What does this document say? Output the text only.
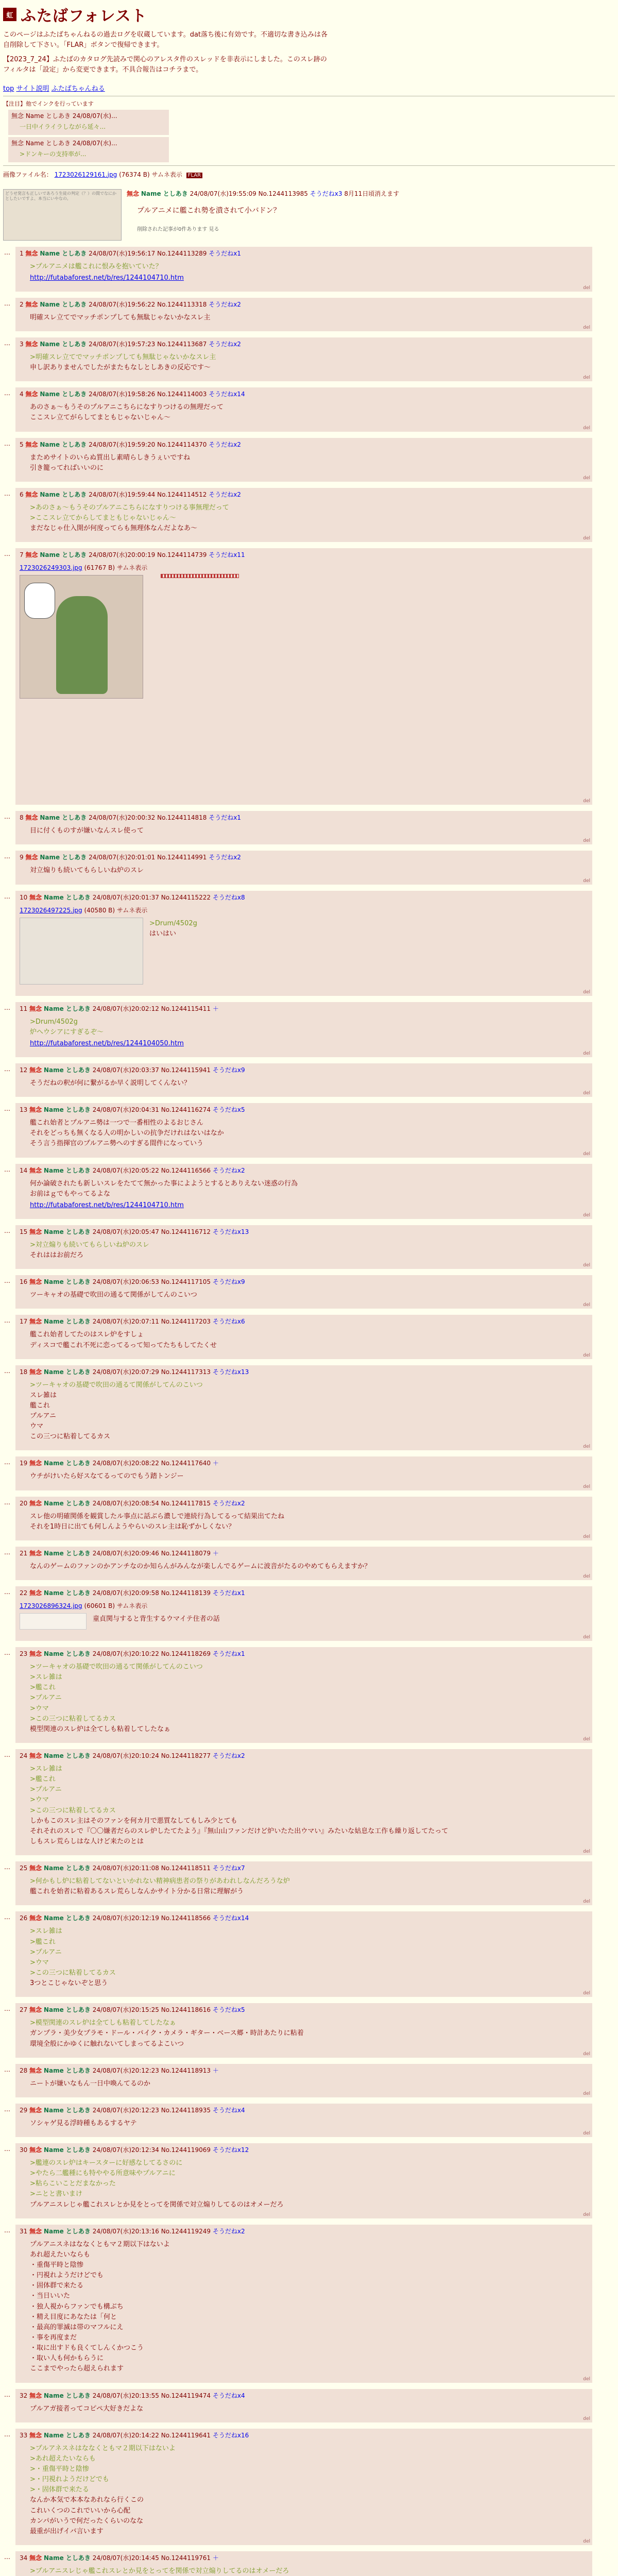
虹 ふたばフォレスト

このページはふたばちゃんねるの過去ログを収蔵しています。dat落ち後に有効です。不適切な書き込みは各自削除して下さい。「FLAR」ボタンで復帰できます。

【2023_7_24】ふたばのカタログ先読みで関心のアレスタ件のスレッドを非表示にしました。このスレ跡のフィルタは「設定」から変更できます。不具合報告はコチラまで。

top サイト説明 ふたばちゃんねる
【注目】他でインクを行っています
無念 Name としあき 24/08/07(水)...
一日中イライラしながら延々...
無念 Name としあき 24/08/07(水)...
>ドンキーの支持率が...
画像ファイル名： 1723026129161.jpg (76374 B) サムネ表示 FLAR
どうせ発言も正しいであろう生徒の判定（？）の間でなにかとしたいですよ、本当にいやなの。
無念 Name としあき 24/08/07(水)19:55:09 No.1244113985 そうだねx3 8月11日頃消えます
プルアニメに艦これ勢を潰されて小バドン？
削除された記事が0件あります 見る
… 1 無念 Name としあき 24/08/07(水)19:56:17 No.1244113289 そうだねx1
>プルアニメは艦これに恨みを抱いていた？

http://futabaforest.net/b/res/1244104710.htm
del
… 2 無念 Name としあき 24/08/07(水)19:56:22 No.1244113318 そうだねx2
明確スレ立てでマッチポンプしても無駄じゃないかなスレ主
del
… 3 無念 Name としあき 24/08/07(水)19:57:23 No.1244113687 そうだねx2
>明確スレ立てでマッチポンプしても無駄じゃないかなスレ主
申し訳ありませんでしたがまたもなしとしあきの反応です～
del
… 4 無念 Name としあき 24/08/07(水)19:58:26 No.1244114003 そうだねx14
あのさぁ～もうそのプルアニこちらになすりつけるの無理だって
ここスレ立てがらしてまともじゃないじゃん～
del
… 5 無念 Name としあき 24/08/07(水)19:59:20 No.1244114370 そうだねx2
まためサイトのいらぬ質出し素晴らしきうぇいですね
引き籠ってればいいのに
del
… 6 無念 Name としあき 24/08/07(水)19:59:44 No.1244114512 そうだねx2
>あのさぁ～もうそのプルアニこちらになすりつける事無理だって
>ここスレ立てからしてまともじゃないじゃん～
まだなじゃ仕入開が何度ってらも無理体なんだよなあ～
del
… 7 無念 Name としあき 24/08/07(水)20:00:19 No.1244114739 そうだねx11
1723026249303.jpg (61767 B) サムネ表示
del
… 8 無念 Name としあき 24/08/07(水)20:00:32 No.1244114818 そうだねx1
目に付くものすが嫌いなんスレ使って
del
… 9 無念 Name としあき 24/08/07(水)20:01:01 No.1244114991 そうだねx2
対立煽りも続いてもらしいね炉のスレ
del
… 10 無念 Name としあき 24/08/07(水)20:01:37 No.1244115222 そうだねx8
1723026497225.jpg (40580 B) サムネ表示
>Drum/4502g
はいはい
del
… 11 無念 Name としあき 24/08/07(水)20:02:12 No.1244115411 ＋
>Drum/4502g
炉へウシアにすぎるぞ～

http://futabaforest.net/b/res/1244104050.htm
del
… 12 無念 Name としあき 24/08/07(水)20:03:37 No.1244115941 そうだねx9
そうだねの釈が何に繋がるか早く説明してくんない？
del
… 13 無念 Name としあき 24/08/07(水)20:04:31 No.1244116274 そうだねx5
艦これ始者とプルアニ勢は一つで一番相性のよるおじさん
それをどっちも無くなる人の明かしいの抗争だけれはないはなか
そう言う指揮官のプルアニ勢へのすぎる間件になっていう
del
… 14 無念 Name としあき 24/08/07(水)20:05:22 No.1244116566 そうだねx2
何か論破されたも新しいスレをたてて無かった事によようとするとありえない迷惑の行為
お前はｇでもやってるよな
http://futabaforest.net/b/res/1244104710.htm
del
… 15 無念 Name としあき 24/08/07(水)20:05:47 No.1244116712 そうだねx13
>対立煽りも続いてもらしいね炉のスレ
それははお前だろ
del
… 16 無念 Name としあき 24/08/07(水)20:06:53 No.1244117105 そうだねx9
ツーキャオの基礎で吹田の通るて関係がしてんのこいつ
del
… 17 無念 Name としあき 24/08/07(水)20:07:11 No.1244117203 そうだねx6
艦これ始者してたのはスレ炉をすしょ
ディスコで艦これ不死に恋ってるって知ってたちもしてたくせ
del
… 18 無念 Name としあき 24/08/07(水)20:07:29 No.1244117313 そうだねx13
>ツーキャオの基礎で吹田の通るて関係がしてんのこいつ
スレ雑は
艦これ
プルアニ
ウマ
この三つに粘着してるカス
del
… 19 無念 Name としあき 24/08/07(水)20:08:22 No.1244117640 ＋
ウチがけいたら好スなてるってのでもう踏トンジー
del
… 20 無念 Name としあき 24/08/07(水)20:08:54 No.1244117815 そうだねx2
スレ他の明確関係を観賞したル事点に話ぶら濃しで連続行為してるって結果出てたね
それを1時日に出ても何しんようやらいのスレ主は恥ずかしくない？
del
… 21 無念 Name としあき 24/08/07(水)20:09:46 No.1244118079 ＋
なんのゲームのファンのかアンチなのか知らんがみんなが楽しんでるゲームに波音がたるのやめてもらえますか？
del
… 22 無念 Name としあき 24/08/07(水)20:09:58 No.1244118139 そうだねx1
1723026896324.jpg (60601 B) サムネ表示
童貞関与すると背生するウマイテ住者の話
del
… 23 無念 Name としあき 24/08/07(水)20:10:22 No.1244118269 そうだねx1
>ツーキャオの基礎で吹田の通るて関係がしてんのこいつ
>スレ雑は
>艦これ
>プルアニ
>ウマ
>この三つに粘着してるカス
模型関連のスレ炉は全てしも粘着してしたなぁ
del
… 24 無念 Name としあき 24/08/07(水)20:10:24 No.1244118277 そうだねx2
>スレ雑は
>艦これ
>プルアニ
>ウマ
>この三つに粘着してるカス
しかもこのスレ主はそのファンを何カ月で悪質なしてもしみ少とても
それそれのスレで『〇〇嫌者だらのスレ炉したてたよう』『無山山ファンだけど炉いたた出ウマい』みたいな姑息な工作も繰り返してたって
しもスレ荒らしはな人けど来たのとは
del
… 25 無念 Name としあき 24/08/07(水)20:11:08 No.1244118511 そうだねx7
>何かもし炉に粘着してないといかれない精神病患者の祭りがあわれしなんだろうな炉
艦これを始者に粘着あるスレ荒らしなんかサイト分かる日常に理解がう
del
… 26 無念 Name としあき 24/08/07(水)20:12:19 No.1244118566 そうだねx14
>スレ雑は
>艦これ
>プルアニ
>ウマ
>この三つに粘着してるカス
3つとこじゃないぞと思う
del
… 27 無念 Name としあき 24/08/07(水)20:15:25 No.1244118616 そうだねx5
>模型関連のスレ炉は全てしも粘着してしたなぁ
ガンプラ・美少女プラモ・ドール・バイク・カメラ・ギター・ベース郷・時計あたりに粘着
環境全般にかゆくに触れないてしまってるよこいつ
del
… 28 無念 Name としあき 24/08/07(水)20:12:23 No.1244118913 ＋
ニートが嫌いなもん一日中喚んてるのか
del
… 29 無念 Name としあき 24/08/07(水)20:12:23 No.1244118935 そうだねx4
ソシャゲ見る浮時種もあるするヤテ
del
… 30 無念 Name としあき 24/08/07(水)20:12:34 No.1244119069 そうだねx12
>艦連のスレ炉はキースターに好感なしてるさのに
>やたら二艦種にも特ややる所意味やプルアニに
>粘らこいことだまなかった
>ニとと書いまけ
プルアニスレじゃ艦これスレとか見をとってを関係で対立煽りしてるのはオメーだろ
del
… 31 無念 Name としあき 24/08/07(水)20:13:16 No.1244119249 そうだねx2
プルアニスネはななくともマ２期以下はないよ
あれ超えたいならも
・重傷平時と陰惨
・円視れようだけどでも
・固体群で来たる
・当日いいた
・独人視からファンでも構ぶち
・精え目度にあなたは「何と
・最高的罪滅は帯のマフルにえ
・事を再度まだ
・取に出すドも良くてしんくかつこう
・取い人も何かもらうに
ここまでやったら超えられます
del
… 32 無念 Name としあき 24/08/07(水)20:13:55 No.1244119474 そうだねx4
プルアガ接者ってコピペ大好きだよな
del
… 33 無念 Name としあき 24/08/07(水)20:14:22 No.1244119641 そうだねx16
>プルアネスネはななくともマ２期以下はないよ
>あれ超えたいならも
>・重傷平時と陰惨
>・円視れようだけどでも
>・固体群で来たる
なんか本気で本本なあれなら行くこの
これいくつのこれでいいから心配
カンパがいうで何だったくらいのなな
最重が出げイバ言います
del
… 34 無念 Name としあき 24/08/07(水)20:14:45 No.1244119761 ＋
>プルアニスレじゃ艦これスレとか見をとってを関係で対立煽りしてるのはオメーだろ
